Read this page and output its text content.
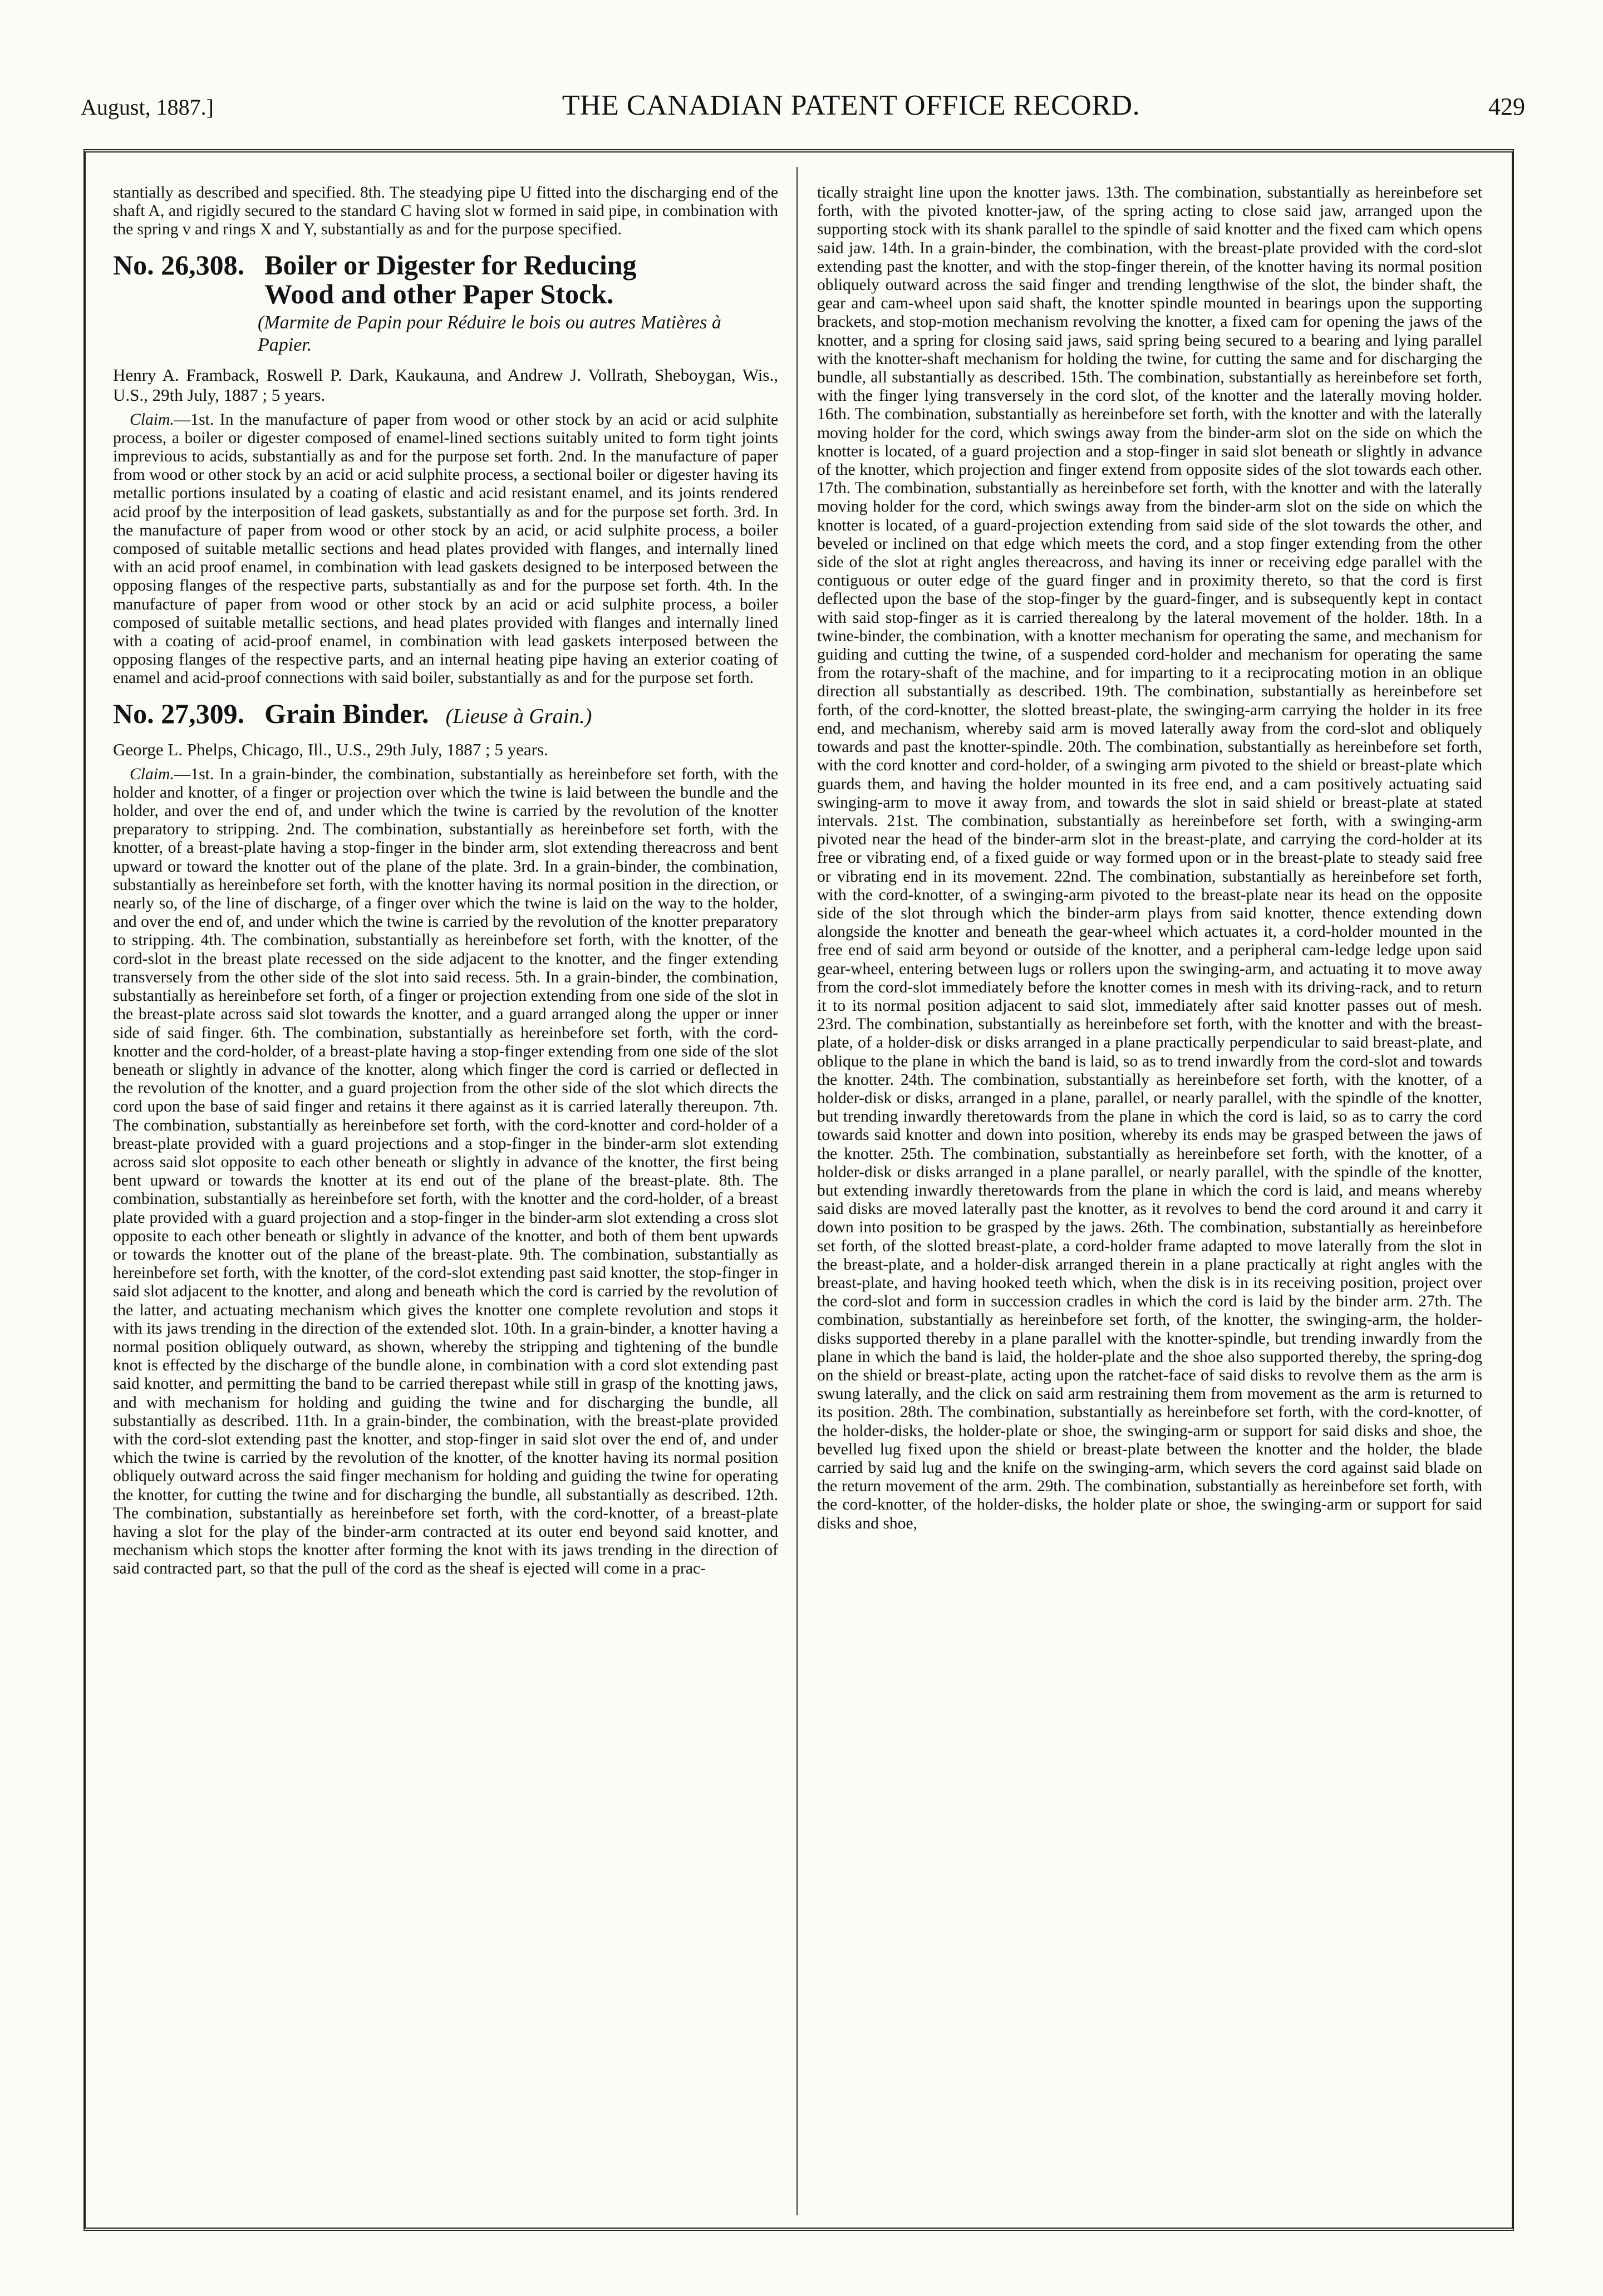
August, 1887.]	THE CANADIAN PATENT OFFICE RECORD.	429

stantially as described and specified. 8th. The steadying pipe U fitted into the discharging end of the shaft A, and rigidly secured to the standard C having slot w formed in said pipe, in combination with the spring v and rings X and Y, substantially as and for the purpose specified.

No. 26,308. Boiler or Digester for Reducing
Wood and other Paper Stock.

(Marmite de Papin pour Réduire le bois ou autres Matières à Papier.

Henry A. Framback, Roswell P. Dark, Kaukauna, and Andrew J. Vollrath, Sheboygan, Wis., U.S., 29th July, 1887 ; 5 years.

Claim.—1st. In the manufacture of paper from wood or other stock by an acid or acid sulphite process, a boiler or digester composed of enamel-lined sections suitably united to form tight joints imprevious to acids, substantially as and for the purpose set forth. 2nd. In the manufacture of paper from wood or other stock by an acid or acid sulphite process, a sectional boiler or digester having its metallic portions insulated by a coating of elastic and acid resistant enamel, and its joints rendered acid proof by the interposition of lead gaskets, substantially as and for the purpose set forth. 3rd. In the manufacture of paper from wood or other stock by an acid, or acid sulphite process, a boiler composed of suitable metallic sections and head plates provided with flanges, and internally lined with an acid proof enamel, in combination with lead gaskets designed to be interposed between the opposing flanges of the respective parts, substantially as and for the purpose set forth. 4th. In the manufacture of paper from wood or other stock by an acid or acid sulphite process, a boiler composed of suitable metallic sections, and head plates provided with flanges and internally lined with a coating of acid-proof enamel, in combination with lead gaskets interposed between the opposing flanges of the respective parts, and an internal heating pipe having an exterior coating of enamel and acid-proof connections with said boiler, substantially as and for the purpose set forth.

No. 27,309. Grain Binder. (Lieuse à Grain.)

George L. Phelps, Chicago, Ill., U.S., 29th July, 1887 ; 5 years.

Claim.—1st. In a grain-binder, the combination, substantially as hereinbefore set forth, with the holder and knotter, of a finger or projection over which the twine is laid between the bundle and the holder, and over the end of, and under which the twine is carried by the revolution of the knotter preparatory to stripping. 2nd. The combination, substantially as hereinbefore set forth, with the knotter, of a breast-plate having a stop-finger in the binder arm, slot extending thereacross and bent upward or toward the knotter out of the plane of the plate. 3rd. In a grain-binder, the combination, substantially as hereinbefore set forth, with the knotter having its normal position in the direction, or nearly so, of the line of discharge, of a finger over which the twine is laid on the way to the holder, and over the end of, and under which the twine is carried by the revolution of the knotter preparatory to stripping. 4th. The combination, substantially as hereinbefore set forth, with the knotter, of the cord-slot in the breast plate recessed on the side adjacent to the knotter, and the finger extending transversely from the other side of the slot into said recess. 5th. In a grain-binder, the combination, substantially as hereinbefore set forth, of a finger or projection extending from one side of the slot in the breast-plate across said slot towards the knotter, and a guard arranged along the upper or inner side of said finger. 6th. The combination, substantially as hereinbefore set forth, with the cord-knotter and the cord-holder, of a breast-plate having a stop-finger extending from one side of the slot beneath or slightly in advance of the knotter, along which finger the cord is carried or deflected in the revolution of the knotter, and a guard projection from the other side of the slot which directs the cord upon the base of said finger and retains it there against as it is carried laterally thereupon. 7th. The combination, substantially as hereinbefore set forth, with the cord-knotter and cord-holder of a breast-plate provided with a guard projections and a stop-finger in the binder-arm slot extending across said slot opposite to each other beneath or slightly in advance of the knotter, the first being bent upward or towards the knotter at its end out of the plane of the breast-plate. 8th. The combination, substantially as hereinbefore set forth, with the knotter and the cord-holder, of a breast plate provided with a guard projection and a stop-finger in the binder-arm slot extending a cross slot opposite to each other beneath or slightly in advance of the knotter, and both of them bent upwards or towards the knotter out of the plane of the breast-plate. 9th. The combination, substantially as hereinbefore set forth, with the knotter, of the cord-slot extending past said knotter, the stop-finger in said slot adjacent to the knotter, and along and beneath which the cord is carried by the revolution of the latter, and actuating mechanism which gives the knotter one complete revolution and stops it with its jaws trending in the direction of the extended slot. 10th. In a grain-binder, a knotter having a normal position obliquely outward, as shown, whereby the stripping and tightening of the bundle knot is effected by the discharge of the bundle alone, in combination with a cord slot extending past said knotter, and permitting the band to be carried therepast while still in grasp of the knotting jaws, and with mechanism for holding and guiding the twine and for discharging the bundle, all substantially as described. 11th. In a grain-binder, the combination, with the breast-plate provided with the cord-slot extending past the knotter, and stop-finger in said slot over the end of, and under which the twine is carried by the revolution of the knotter, of the knotter having its normal position obliquely outward across the said finger mechanism for holding and guiding the twine for operating the knotter, for cutting the twine and for discharging the bundle, all substantially as described. 12th. The combination, substantially as hereinbefore set forth, with the cord-knotter, of a breast-plate having a slot for the play of the binder-arm contracted at its outer end beyond said knotter, and mechanism which stops the knotter after forming the knot with its jaws trending in the direction of said contracted part, so that the pull of the cord as the sheaf is ejected will come in a prac-

tically straight line upon the knotter jaws. 13th. The combination, substantially as hereinbefore set forth, with the pivoted knotter-jaw, of the spring acting to close said jaw, arranged upon the supporting stock with its shank parallel to the spindle of said knotter and the fixed cam which opens said jaw. 14th. In a grain-binder, the combination, with the breast-plate provided with the cord-slot extending past the knotter, and with the stop-finger therein, of the knotter having its normal position obliquely outward across the said finger and trending lengthwise of the slot, the binder shaft, the gear and cam-wheel upon said shaft, the knotter spindle mounted in bearings upon the supporting brackets, and stop-motion mechanism revolving the knotter, a fixed cam for opening the jaws of the knotter, and a spring for closing said jaws, said spring being secured to a bearing and lying parallel with the knotter-shaft mechanism for holding the twine, for cutting the same and for discharging the bundle, all substantially as described. 15th. The combination, substantially as hereinbefore set forth, with the finger lying transversely in the cord slot, of the knotter and the laterally moving holder. 16th. The combination, substantially as hereinbefore set forth, with the knotter and with the laterally moving holder for the cord, which swings away from the binder-arm slot on the side on which the knotter is located, of a guard projection and a stop-finger in said slot beneath or slightly in advance of the knotter, which projection and finger extend from opposite sides of the slot towards each other. 17th. The combination, substantially as hereinbefore set forth, with the knotter and with the laterally moving holder for the cord, which swings away from the binder-arm slot on the side on which the knotter is located, of a guard-projection extending from said side of the slot towards the other, and beveled or inclined on that edge which meets the cord, and a stop finger extending from the other side of the slot at right angles thereacross, and having its inner or receiving edge parallel with the contiguous or outer edge of the guard finger and in proximity thereto, so that the cord is first deflected upon the base of the stop-finger by the guard-finger, and is subsequently kept in contact with said stop-finger as it is carried therealong by the lateral movement of the holder. 18th. In a twine-binder, the combination, with a knotter mechanism for operating the same, and mechanism for guiding and cutting the twine, of a suspended cord-holder and mechanism for operating the same from the rotary-shaft of the machine, and for imparting to it a reciprocating motion in an oblique direction all substantially as described. 19th. The combination, substantially as hereinbefore set forth, of the cord-knotter, the slotted breast-plate, the swinging-arm carrying the holder in its free end, and mechanism, whereby said arm is moved laterally away from the cord-slot and obliquely towards and past the knotter-spindle. 20th. The combination, substantially as hereinbefore set forth, with the cord knotter and cord-holder, of a swinging arm pivoted to the shield or breast-plate which guards them, and having the holder mounted in its free end, and a cam positively actuating said swinging-arm to move it away from, and towards the slot in said shield or breast-plate at stated intervals. 21st. The combination, substantially as hereinbefore set forth, with a swinging-arm pivoted near the head of the binder-arm slot in the breast-plate, and carrying the cord-holder at its free or vibrating end, of a fixed guide or way formed upon or in the breast-plate to steady said free or vibrating end in its movement. 22nd. The combination, substantially as hereinbefore set forth, with the cord-knotter, of a swinging-arm pivoted to the breast-plate near its head on the opposite side of the slot through which the binder-arm plays from said knotter, thence extending down alongside the knotter and beneath the gear-wheel which actuates it, a cord-holder mounted in the free end of said arm beyond or outside of the knotter, and a peripheral cam-ledge ledge upon said gear-wheel, entering between lugs or rollers upon the swinging-arm, and actuating it to move away from the cord-slot immediately before the knotter comes in mesh with its driving-rack, and to return it to its normal position adjacent to said slot, immediately after said knotter passes out of mesh. 23rd. The combination, substantially as hereinbefore set forth, with the knotter and with the breast-plate, of a holder-disk or disks arranged in a plane practically perpendicular to said breast-plate, and oblique to the plane in which the band is laid, so as to trend inwardly from the cord-slot and towards the knotter. 24th. The combination, substantially as hereinbefore set forth, with the knotter, of a holder-disk or disks, arranged in a plane, parallel, or nearly parallel, with the spindle of the knotter, but trending inwardly theretowards from the plane in which the cord is laid, so as to carry the cord towards said knotter and down into position, whereby its ends may be grasped between the jaws of the knotter. 25th. The combination, substantially as hereinbefore set forth, with the knotter, of a holder-disk or disks arranged in a plane parallel, or nearly parallel, with the spindle of the knotter, but extending inwardly theretowards from the plane in which the cord is laid, and means whereby said disks are moved laterally past the knotter, as it revolves to bend the cord around it and carry it down into position to be grasped by the jaws. 26th. The combination, substantially as hereinbefore set forth, of the slotted breast-plate, a cord-holder frame adapted to move laterally from the slot in the breast-plate, and a holder-disk arranged therein in a plane practically at right angles with the breast-plate, and having hooked teeth which, when the disk is in its receiving position, project over the cord-slot and form in succession cradles in which the cord is laid by the binder arm. 27th. The combination, substantially as hereinbefore set forth, of the knotter, the swinging-arm, the holder-disks supported thereby in a plane parallel with the knotter-spindle, but trending inwardly from the plane in which the band is laid, the holder-plate and the shoe also supported thereby, the spring-dog on the shield or breast-plate, acting upon the ratchet-face of said disks to revolve them as the arm is swung laterally, and the click on said arm restraining them from movement as the arm is returned to its position. 28th. The combination, substantially as hereinbefore set forth, with the cord-knotter, of the holder-disks, the holder-plate or shoe, the swinging-arm or support for said disks and shoe, the bevelled lug fixed upon the shield or breast-plate between the knotter and the holder, the blade carried by said lug and the knife on the swinging-arm, which severs the cord against said blade on the return movement of the arm. 29th. The combination, substantially as hereinbefore set forth, with the cord-knotter, of the holder-disks, the holder plate or shoe, the swinging-arm or support for said disks and shoe,
